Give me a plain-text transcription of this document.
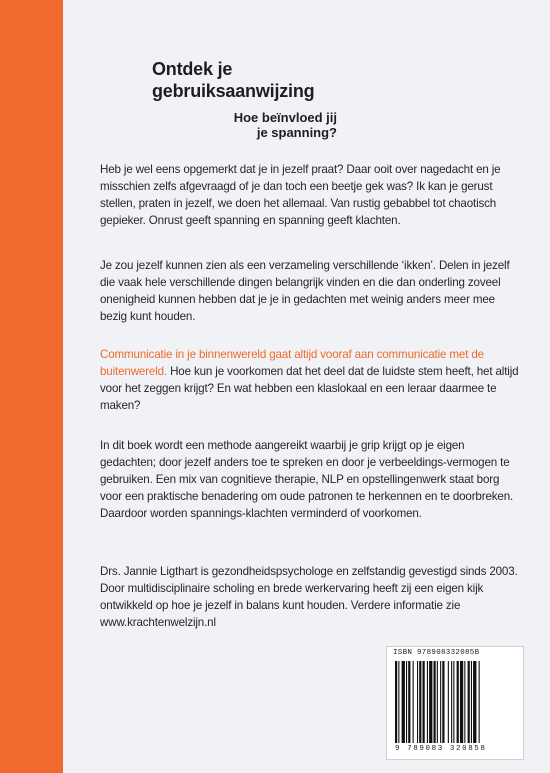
Ontdek je
gebruiksaanwijzing
Hoe beïnvloed jij
je spanning?

Heb je wel eens opgemerkt dat je in jezelf praat? Daar ooit over nagedacht en je misschien zelfs afgevraagd of je dan toch een beetje gek was? Ik kan je gerust stellen, praten in jezelf, we doen het allemaal. Van rustig gebabbel tot chaotisch gepieker. Onrust geeft spanning en spanning geeft klachten.

Je zou jezelf kunnen zien als een verzameling verschillende ‘ikken’. Delen in jezelf die vaak hele verschillende dingen belangrijk vinden en die dan onderling zoveel onenigheid kunnen hebben dat je je in gedachten met weinig anders meer mee bezig kunt houden.

Communicatie in je binnenwereld gaat altijd vooraf aan communicatie met de buitenwereld. Hoe kun je voorkomen dat het deel dat de luidste stem heeft, het altijd voor het zeggen krijgt? En wat hebben een klaslokaal en een leraar daarmee te maken?

In dit boek wordt een methode aangereikt waarbij je grip krijgt op je eigen gedachten; door jezelf anders toe te spreken en door je verbeeldings-vermogen te gebruiken. Een mix van cognitieve therapie, NLP en opstellingenwerk staat borg voor een praktische benadering om oude patronen te herkennen en te doorbreken. Daardoor worden spannings-klachten verminderd of voorkomen.

Drs. Jannie Ligthart is gezondheidspsychologe en zelfstandig gevestigd sinds 2003. Door multidisciplinaire scholing en brede werkervaring heeft zij een eigen kijk ontwikkeld op hoe je jezelf in balans kunt houden. Verdere informatie zie www.krachtenwelzijn.nl

ISBN 978908332085B
9 789083 320858
